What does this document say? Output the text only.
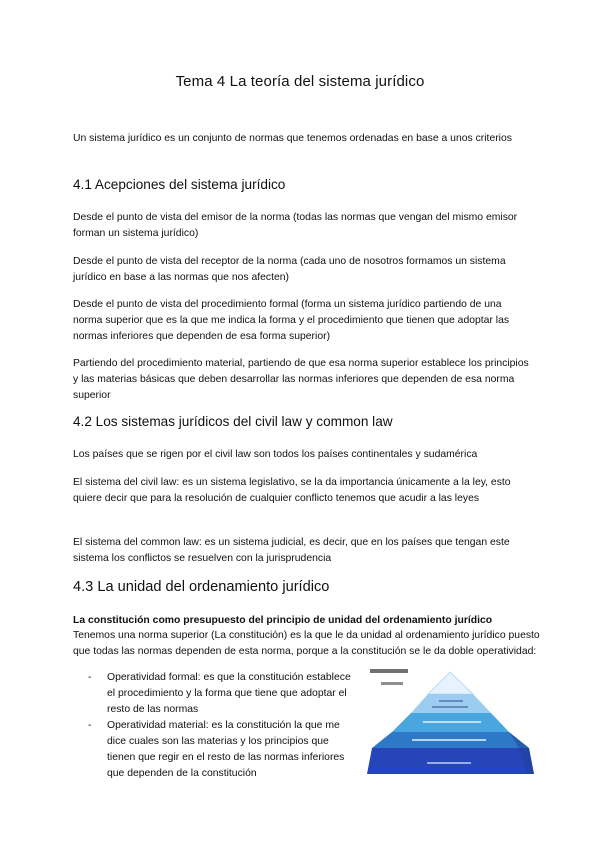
Tema 4 La teoría del sistema jurídico
Un sistema jurídico es un conjunto de normas que tenemos ordenadas en base a unos criterios
4.1 Acepciones del sistema jurídico
Desde el punto de vista del emisor de la norma (todas las normas que vengan del mismo emisor forman un sistema jurídico)
Desde el punto de vista del receptor de la norma (cada uno de nosotros formamos un sistema jurídico en base a las normas que nos afecten)
Desde el punto de vista del procedimiento formal (forma un sistema jurídico partiendo de una norma superior que es la que me indica la forma y el procedimiento que tienen que adoptar las normas inferiores que dependen de esa forma superior)
Partiendo del procedimiento material, partiendo de que esa norma superior establece los principios y las materias básicas que deben desarrollar las normas inferiores que dependen de esa norma superior
4.2 Los sistemas jurídicos del civil law y common law
Los países que se rigen por el civil law son todos los países continentales y sudamérica
El sistema del civil law: es un sistema legislativo, se la da importancia únicamente a la ley, esto quiere decir que para la resolución de cualquier conflicto tenemos que acudir a las leyes
El sistema del common law: es un sistema judicial, es decir, que en los países que tengan este sistema los conflictos se resuelven con la jurisprudencia
4.3 La unidad del ordenamiento jurídico
La constitución como presupuesto del principio de unidad del ordenamiento jurídico
Tenemos una norma superior (La constitución) es la que le da unidad al ordenamiento jurídico puesto que todas las normas dependen de esta norma, porque a la constitución se le da doble operatividad:
- Operatividad formal: es que la constitución establece el procedimiento y la forma que tiene que adoptar el resto de las normas
- Operatividad material: es la constitución la que me dice cuales son las materias y los principios que tienen que regir en el resto de las normas inferiores que dependen de la constitución
